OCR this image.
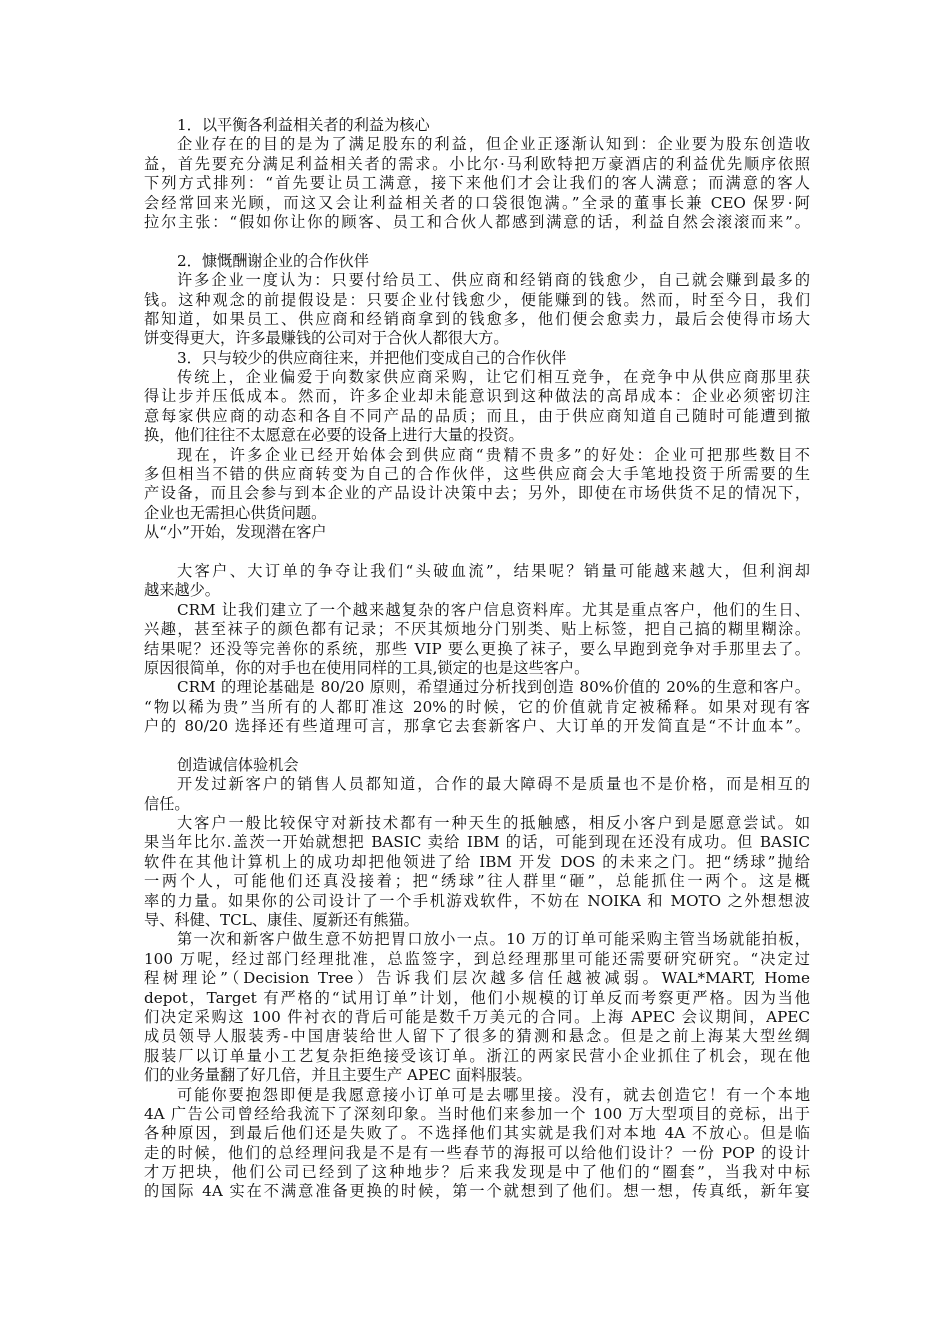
1．以平衡各利益相关者的利益为核心
企业存在的目的是为了满足股东的利益，但企业正逐渐认知到：企业要为股东创造收
益，首先要充分满足利益相关者的需求。小比尔·马利欧特把万豪酒店的利益优先顺序依照
下列方式排列：“首先要让员工满意，接下来他们才会让我们的客人满意；而满意的客人
会经常回来光顾，而这又会让利益相关者的口袋很饱满。”全录的董事长兼 CEO 保罗·阿
拉尔主张：“假如你让你的顾客、员工和合伙人都感到满意的话，利益自然会滚滚而来”。
2．慷慨酬谢企业的合作伙伴
许多企业一度认为：只要付给员工、供应商和经销商的钱愈少，自己就会赚到最多的
钱。这种观念的前提假设是：只要企业付钱愈少，便能赚到的钱。然而，时至今日，我们
都知道，如果员工、供应商和经销商拿到的钱愈多，他们便会愈卖力，最后会使得市场大
饼变得更大，许多最赚钱的公司对于合伙人都很大方。
3．只与较少的供应商往来，并把他们变成自己的合作伙伴
传统上，企业偏爱于向数家供应商采购，让它们相互竞争，在竞争中从供应商那里获
得让步并压低成本。然而，许多企业却未能意识到这种做法的高昂成本：企业必须密切注
意每家供应商的动态和各自不同产品的品质；而且，由于供应商知道自己随时可能遭到撤
换，他们往往不太愿意在必要的设备上进行大量的投资。
现在，许多企业已经开始体会到供应商“贵精不贵多”的好处：企业可把那些数目不
多但相当不错的供应商转变为自己的合作伙伴，这些供应商会大手笔地投资于所需要的生
产设备，而且会参与到本企业的产品设计决策中去；另外，即使在市场供货不足的情况下，
企业也无需担心供货问题。
从“小”开始，发现潜在客户
大客户、大订单的争夺让我们“头破血流”，结果呢？销量可能越来越大，但利润却
越来越少。
CRM 让我们建立了一个越来越复杂的客户信息资料库。尤其是重点客户，他们的生日、
兴趣，甚至袜子的颜色都有记录；不厌其烦地分门别类、贴上标签，把自己搞的糊里糊涂。
结果呢？还没等完善你的系统，那些 VIP 要么更换了袜子，要么早跑到竞争对手那里去了。
原因很简单，你的对手也在使用同样的工具,锁定的也是这些客户。
CRM 的理论基础是 80/20 原则，希望通过分析找到创造 80%价值的 20%的生意和客户。
“物以稀为贵”当所有的人都盯准这 20%的时候，它的价值就肯定被稀释。如果对现有客
户的 80/20 选择还有些道理可言，那拿它去套新客户、大订单的开发简直是“不计血本”。
创造诚信体验机会
开发过新客户的销售人员都知道，合作的最大障碍不是质量也不是价格，而是相互的
信任。
大客户一般比较保守对新技术都有一种天生的抵触感，相反小客户到是愿意尝试。如
果当年比尔.盖茨一开始就想把 BASIC 卖给 IBM 的话，可能到现在还没有成功。但 BASIC
软件在其他计算机上的成功却把他领进了给 IBM 开发 DOS 的未来之门。把“绣球”抛给
一两个人，可能他们还真没接着；把“绣球”往人群里“砸”，总能抓住一两个。这是概
率的力量。如果你的公司设计了一个手机游戏软件，不妨在 NOIKA 和 MOTO 之外想想波
导、科健、TCL、康佳、厦新还有熊猫。
第一次和新客户做生意不妨把胃口放小一点。10 万的订单可能采购主管当场就能拍板，
100 万呢，经过部门经理批准，总监签字，到总经理那里可能还需要研究研究。“决定过
程树理论”（Decision Tree）告诉我们层次越多信任越被减弱。WAL*MART, Home
depot，Target 有严格的“试用订单”计划，他们小规模的订单反而考察更严格。因为当他
们决定采购这 100 件衬衣的背后可能是数千万美元的合同。上海 APEC 会议期间，APEC
成员领导人服装秀-中国唐装给世人留下了很多的猜测和悬念。但是之前上海某大型丝绸
服装厂以订单量小工艺复杂拒绝接受该订单。浙江的两家民营小企业抓住了机会，现在他
们的业务量翻了好几倍，并且主要生产 APEC 面料服装。
可能你要抱怨即便是我愿意接小订单可是去哪里接。没有，就去创造它！有一个本地
4A 广告公司曾经给我流下了深刻印象。当时他们来参加一个 100 万大型项目的竞标，出于
各种原因，到最后他们还是失败了。不选择他们其实就是我们对本地 4A 不放心。但是临
走的时候，他们的总经理问我是不是有一些春节的海报可以给他们设计？一份 POP 的设计
才万把块，他们公司已经到了这种地步？后来我发现是中了他们的“圈套”，当我对中标
的国际 4A 实在不满意准备更换的时候，第一个就想到了他们。想一想，传真纸，新年宴
